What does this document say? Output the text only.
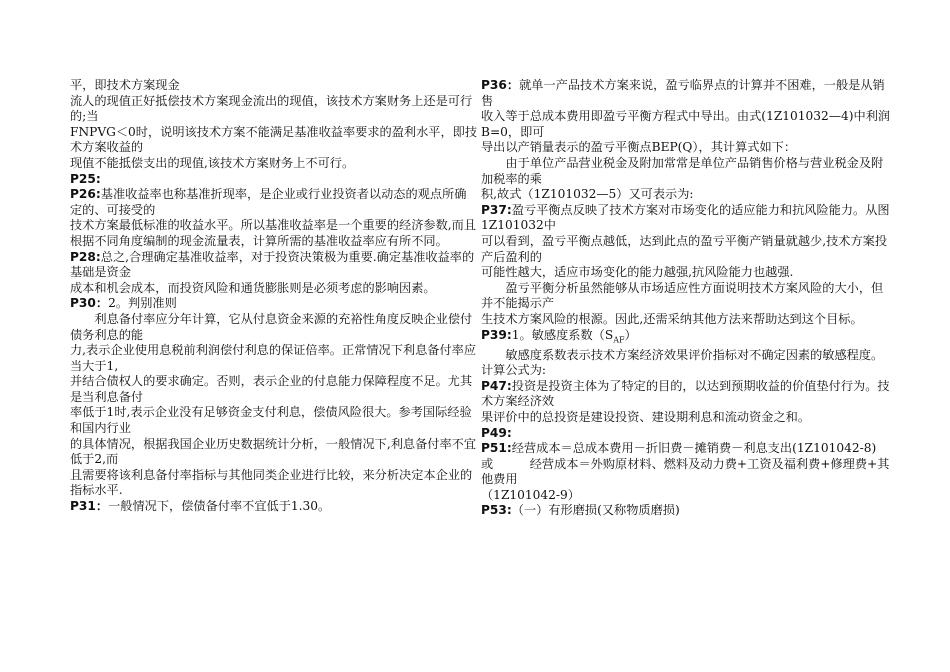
平，即技术方案现金

流人的现值正好抵偿技术方案现金流出的现值，该技术方案财务上还是可行的;当

FNPVG＜0时，说明该技术方案不能满足基准收益率要求的盈利水平，即技术方案收益的

现值不能抵偿支出的现值,该技术方案财务上不可行。

P25:

P26:基准收益率也称基准折现率，是企业或行业投资者以动态的观点所确定的、可接受的

技术方案最低标准的收益水平。所以基准收益率是一个重要的经济参数,而且根据不同角度编制的现金流量表，计算所需的基准收益率应有所不同。

P28:总之,合理确定基准收益率，对于投资决策极为重要.确定基准收益率的基础是资金

成本和机会成本，而投资风险和通货膨胀则是必须考虑的影响因素。

P30：2。判别准则

利息备付率应分年计算，它从付息资金来源的充裕性角度反映企业偿付债务利息的能

力,表示企业使用息税前利润偿付利息的保证倍率。正常情况下利息备付率应当大于1,

并结合债权人的要求确定。否则，表示企业的付息能力保障程度不足。尤其是当利息备付

率低于1时,表示企业没有足够资金支付利息，偿债风险很大。参考国际经验和国内行业

的具体情况，根据我国企业历史数据统计分析，一般情况下,利息备付率不宜低于2,而

且需要将该利息备付率指标与其他同类企业进行比较，来分析决定本企业的指标水平.

P31：一般情况下，偿债备付率不宜低于1.30。

P36：就单一产品技术方案来说，盈亏临界点的计算并不困难，一般是从销售

收入等于总成本费用即盈亏平衡方程式中导出。由式(1Z101032—4)中利润B=0，即可

导出以产销量表示的盈亏平衡点BEP(Q），其计算式如下：

由于单位产品营业税金及附加常常是单位产品销售价格与营业税金及附加税率的乘

积,故式（1Z101032—5）又可表示为:

P37:盈亏平衡点反映了技术方案对市场变化的适应能力和抗风险能力。从图1Z101032中

可以看到，盈亏平衡点越低，达到此点的盈亏平衡产销量就越少,技术方案投产后盈利的

可能性越大，适应市场变化的能力越强,抗风险能力也越强.

盈亏平衡分析虽然能够从市场适应性方面说明技术方案风险的大小，但并不能揭示产

生技术方案风险的根源。因此,还需采纳其他方法来帮助达到这个目标。

P39:1。敏感度系数$(S_{AF})$

敏感度系数表示技术方案经济效果评价指标对不确定因素的敏感程度。计算公式为:

P47:投资是投资主体为了特定的目的，以达到预期收益的价值垫付行为。技术方案经济效

果评价中的总投资是建设投资、建设期利息和流动资金之和。

P49:

P51:经营成本＝总成本费用－折旧费－摊销费－利息支出(1Z101042-8)

或　　　经营成本＝外购原材料、燃料及动力费+工资及福利费+修理费+其他费用

（1Z101042-9）

P53:（一）有形磨损(又称物质磨损)
